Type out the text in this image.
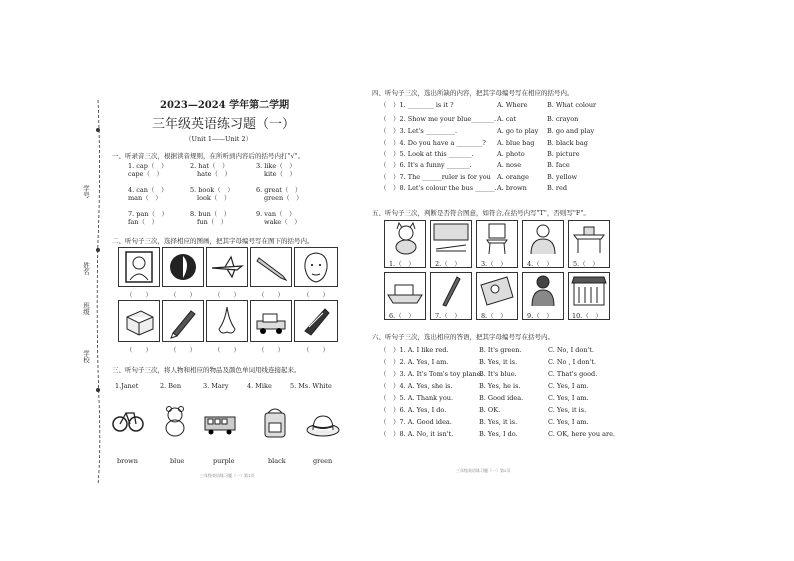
学号
姓名
班级
学校
2023—2024 学年第二学期
三年级英语练习题（一）
（Unit 1——Unit 2）
一、听录音三次，根据读音规则，在所听到内容后的括号内打"√"。
1. cap（　）
cape（　）
2. hat（　）
hate（　）
3. like（　）
kite（　）
4. can（　）
man（　）
5. book（　）
look（　）
6. great（　）
green（　）
7. pan（　）
fan（　）
8. bun（　）
fun（　）
9. van（　）
wake（　）
二、听句子三次，选择相应的图画，把其字母编号写在图下的括号内。
（　　）	（　　）	（　　）	（　　）	（　　）
（　　）	（　　）	（　　）	（　　）	（　　）
三、听句子三次，将人物和相应的物品及颜色单词用线连接起来。
1.Janet	2. Ben	3. Mary	4. Mike	5. Ms. White
brown	blue	purple	black	green
三年级英语练习题（一）第1页
四、听句子三次，选出所缺的内容，把其字母编号写在相应的括号内。
（　）1. ________ is it ?	A. Where	B. What colour
（　）2. Show me your blue_______. A. cat	B. crayon
（　）3. Let's _________.	A. go to play B. go and play
（　）4. Do you have a ________? A. blue bag B. black bag
（　）5. Look at this _______.	A. photo	B. picture
（　）6. It's a funny _______.	A. nose	B. face
（　）7. The ______ruler is for you A. orange	B. yellow
（　）8. Let's colour the bus ______. A. brown	B. red
五、听句子三次，判断是否符合图意，如符合,在括号内写"T"，否则写"F"。
1.（　）	2.（　）	3.（　）	4.（　）	5.（　）
6.（　）	7.（　）	8.（　）	9.（　）	10.（　）
六、听句子三次，选出相应的答语，把其字母编号写在括号内。
（　）1. A. I like red.	B. It's green.	C. No, I don't.
（　）2. A. Yes, I am.	B. Yes, it is.	C. No , I don't.
（　）3. A. It's Tom's toy plane.
B. It's blue.	C. That's good.
（　）4. A. Yes, she is.	B. Yes, he is.	C. Yes, I am.
（　）5. A. Thank you.	B. Good idea.	C. Yes, I am.
（　）6. A. Yes, I do.	B. OK.	C. Yes, it is.
（　）7. A. Good idea.	B. Yes, it is.	C. Yes, I am.
（　）8. A. No, it isn't.	B. Yes, I do.	C. OK, here you are.
三年级英语练习题（一）第2页
